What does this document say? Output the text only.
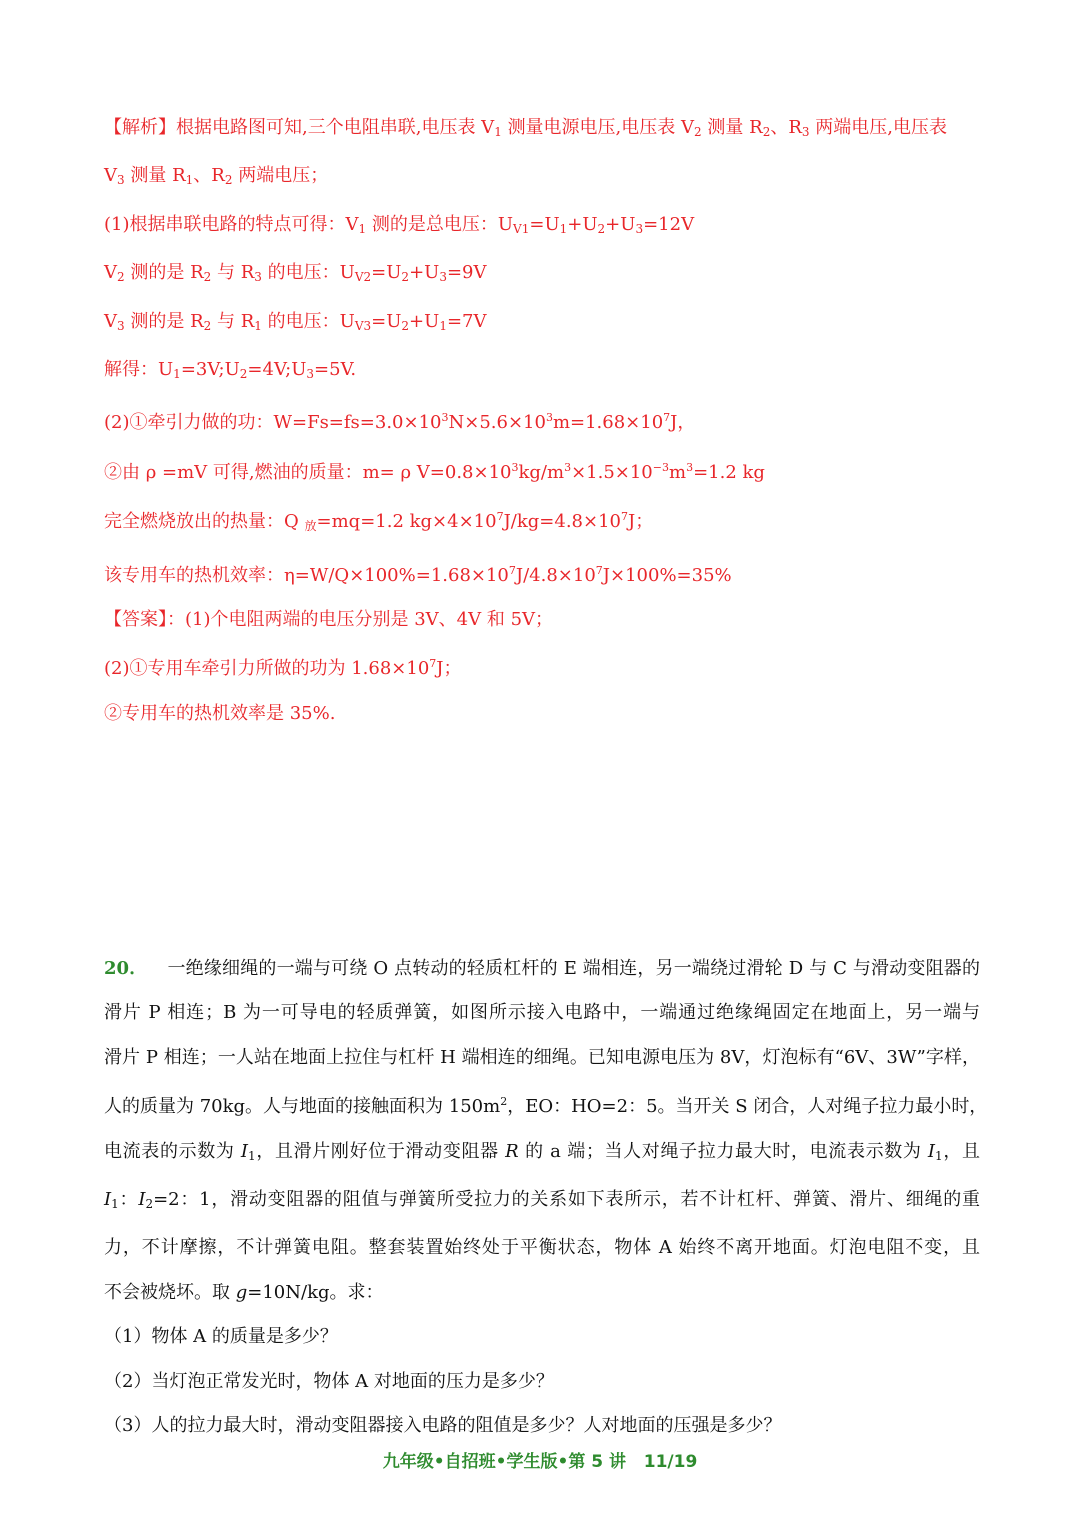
【解析】根据电路图可知,三个电阻串联,电压表 $V_1$ 测量电源电压,电压表 $V_2$ 测量 $R_2$、$R_3$ 两端电压,电压表
$V_3$ 测量 $R_1$、$R_2$ 两端电压；
(1)根据串联电路的特点可得：$V_1$ 测的是总电压：$U_{V1}=U_1+U_2+U_3=12V$
$V_2$ 测的是 $R_2$ 与 $R_3$ 的电压：$U_{V2}=U_2+U_3=9V$
$V_3$ 测的是 $R_2$ 与 $R_1$ 的电压：$U_{V3}=U_2+U_1=7V$
解得：$U_1=3V;U_2=4V;U_3=5V$.
(2)①牵引力做的功：$W=Fs=fs=3.0\times 10^3N\times 5.6\times 10^3m=1.68\times 10^7J$，
②由 ρ =mV 可得,燃油的质量：m= ρ $V=0.8\times 10^3kg/m^3\times 1.5\times 10^{-3}m^3=1.2$ kg
完全燃烧放出的热量：Q $_放$=mq=1.2 $kg\times 4\times 10^7J/kg=4.8\times 10^7J$；
该专用车的热机效率：$\eta=W/Q\times 100\%=1.68\times 10^7J/4.8\times 10^7J\times 100\%=35\%$
【答案】：(1)个电阻两端的电压分别是 3V、4V 和 5V；
(2)①专用车牵引力所做的功为 $1.68\times 10^7J$；
②专用车的热机效率是 35%.
20． 一绝缘细绳的一端与可绕 O 点转动的轻质杠杆的 E 端相连，另一端绕过滑轮 D 与 C 与滑动变阻器的
滑片 P 相连；B 为一可导电的轻质弹簧，如图所示接入电路中，一端通过绝缘绳固定在地面上，另一端与
滑片 P 相连；一人站在地面上拉住与杠杆 H 端相连的细绳。已知电源电压为 8V，灯泡标有“6V、3W”字样，
人的质量为 70kg。人与地面的接触面积为 $150m^2$，EO：HO=2：5。当开关 S 闭合，人对绳子拉力最小时，
电流表的示数为 $I_1$，且滑片刚好位于滑动变阻器 R 的 a 端；当人对绳子拉力最大时，电流表示数为 $I_1$，且
$I_1$：$I_2=2$：1，滑动变阻器的阻值与弹簧所受拉力的关系如下表所示，若不计杠杆、弹簧、滑片、细绳的重
力，不计摩擦，不计弹簧电阻。整套装置始终处于平衡状态，物体 A 始终不离开地面。灯泡电阻不变，且
不会被烧坏。取 g=10N/kg。求：
（1）物体 A 的质量是多少？
（2）当灯泡正常发光时，物体 A 对地面的压力是多少？
（3）人的拉力最大时，滑动变阻器接入电路的阻值是多少？人对地面的压强是多少？
九年级•自招班•学生版•第 5 讲 11/19
